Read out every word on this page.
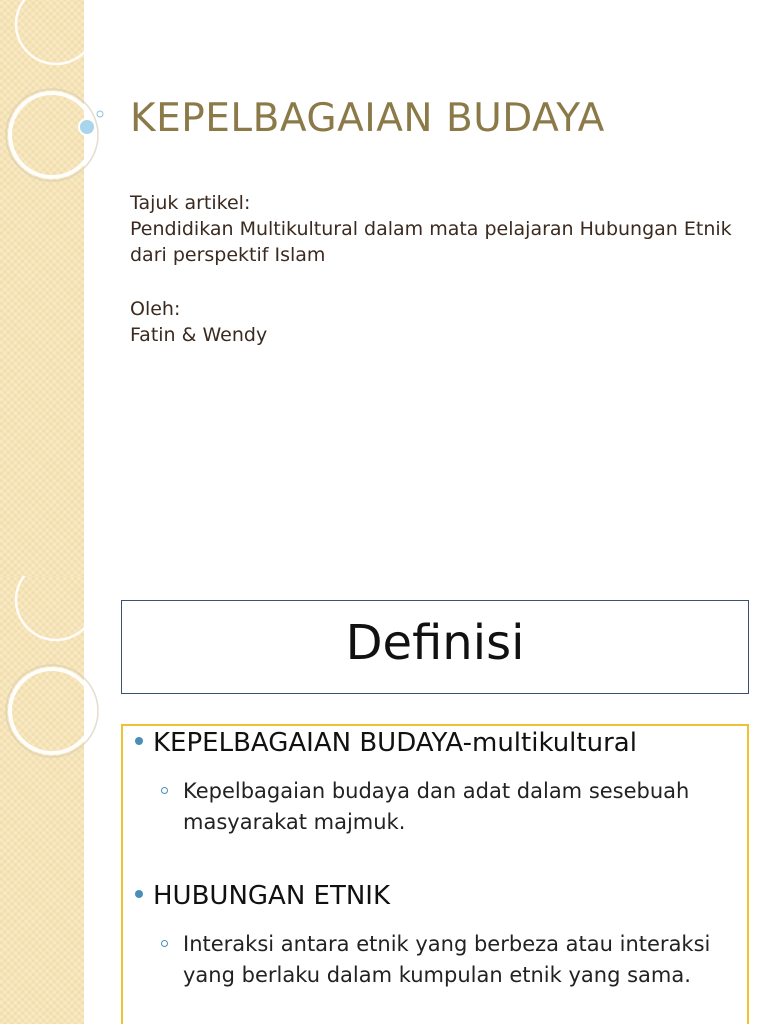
KEPELBAGAIAN BUDAYA

Tajuk artikel:

Pendidikan Multikultural dalam mata pelajaran Hubungan Etnik dari perspektif Islam

Oleh:

Fatin & Wendy

Definisi
KEPELBAGAIAN BUDAYA-multikultural
Kepelbagaian budaya dan adat dalam sesebuah masyarakat majmuk.
HUBUNGAN ETNIK
Interaksi antara etnik yang berbeza atau interaksi yang berlaku dalam kumpulan etnik yang sama.
